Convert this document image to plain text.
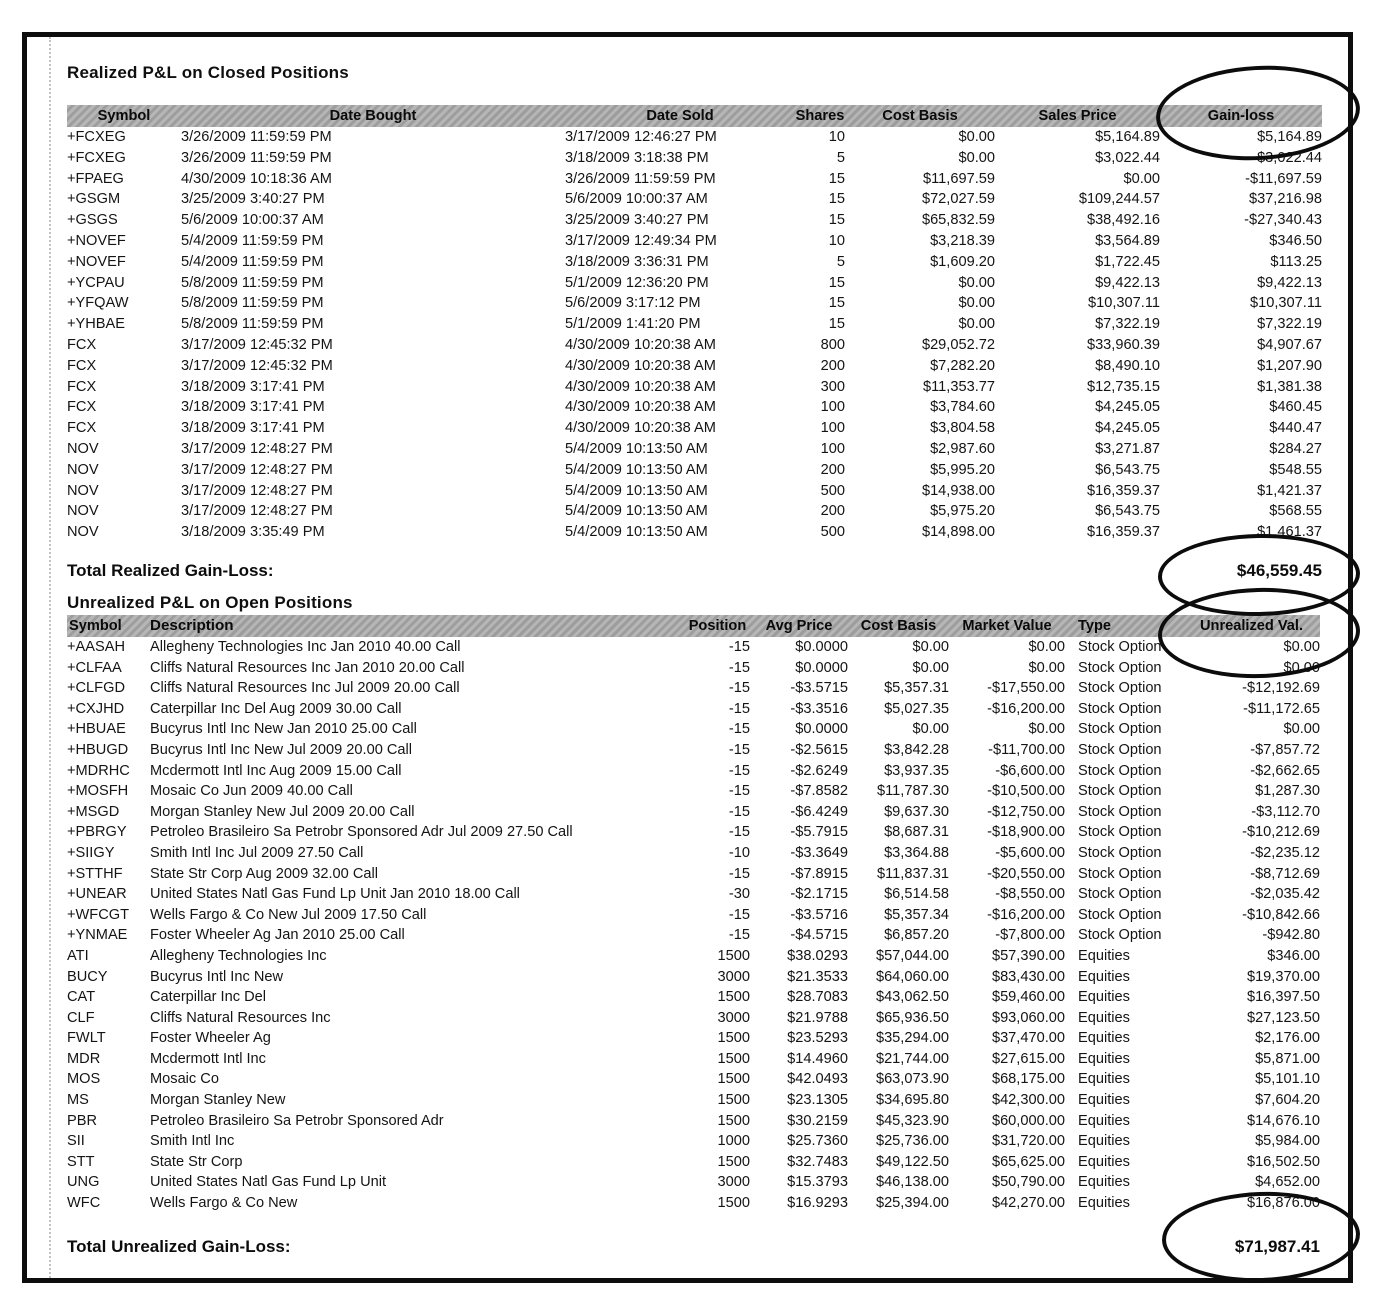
Realized P&L on Closed Positions
Symbol	Date Bought	Date Sold	Shares	Cost Basis	Sales Price	Gain-loss
+FCXEG	3/26/2009 11:59:59 PM	3/17/2009 12:46:27 PM	10	$0.00	$5,164.89	$5,164.89
+FCXEG	3/26/2009 11:59:59 PM	3/18/2009 3:18:38 PM	5	$0.00	$3,022.44	$3,022.44
+FPAEG	4/30/2009 10:18:36 AM	3/26/2009 11:59:59 PM	15	$11,697.59	$0.00	-$11,697.59
+GSGM	3/25/2009 3:40:27 PM	5/6/2009 10:00:37 AM	15	$72,027.59	$109,244.57	$37,216.98
+GSGS	5/6/2009 10:00:37 AM	3/25/2009 3:40:27 PM	15	$65,832.59	$38,492.16	-$27,340.43
+NOVEF	5/4/2009 11:59:59 PM	3/17/2009 12:49:34 PM	10	$3,218.39	$3,564.89	$346.50
+NOVEF	5/4/2009 11:59:59 PM	3/18/2009 3:36:31 PM	5	$1,609.20	$1,722.45	$113.25
+YCPAU	5/8/2009 11:59:59 PM	5/1/2009 12:36:20 PM	15	$0.00	$9,422.13	$9,422.13
+YFQAW	5/8/2009 11:59:59 PM	5/6/2009 3:17:12 PM	15	$0.00	$10,307.11	$10,307.11
+YHBAE	5/8/2009 11:59:59 PM	5/1/2009 1:41:20 PM	15	$0.00	$7,322.19	$7,322.19
FCX	3/17/2009 12:45:32 PM	4/30/2009 10:20:38 AM	800	$29,052.72	$33,960.39	$4,907.67
FCX	3/17/2009 12:45:32 PM	4/30/2009 10:20:38 AM	200	$7,282.20	$8,490.10	$1,207.90
FCX	3/18/2009 3:17:41 PM	4/30/2009 10:20:38 AM	300	$11,353.77	$12,735.15	$1,381.38
FCX	3/18/2009 3:17:41 PM	4/30/2009 10:20:38 AM	100	$3,784.60	$4,245.05	$460.45
FCX	3/18/2009 3:17:41 PM	4/30/2009 10:20:38 AM	100	$3,804.58	$4,245.05	$440.47
NOV	3/17/2009 12:48:27 PM	5/4/2009 10:13:50 AM	100	$2,987.60	$3,271.87	$284.27
NOV	3/17/2009 12:48:27 PM	5/4/2009 10:13:50 AM	200	$5,995.20	$6,543.75	$548.55
NOV	3/17/2009 12:48:27 PM	5/4/2009 10:13:50 AM	500	$14,938.00	$16,359.37	$1,421.37
NOV	3/17/2009 12:48:27 PM	5/4/2009 10:13:50 AM	200	$5,975.20	$6,543.75	$568.55
NOV	3/18/2009 3:35:49 PM	5/4/2009 10:13:50 AM	500	$14,898.00	$16,359.37	$1,461.37
Total Realized Gain-Loss:	$46,559.45
Unrealized P&L on Open Positions
Symbol	Description	Position	Avg Price	Cost Basis	Market Value	Type	Unrealized Val.
+AASAH	Allegheny Technologies Inc Jan 2010 40.00 Call	-15	$0.0000	$0.00	$0.00 Stock Option	$0.00
+CLFAA	Cliffs Natural Resources Inc Jan 2010 20.00 Call	-15	$0.0000	$0.00	$0.00 Stock Option	$0.00
+CLFGD	Cliffs Natural Resources Inc Jul 2009 20.00 Call	-15	-$3.5715	$5,357.31	-$17,550.00 Stock Option	-$12,192.69
+CXJHD	Caterpillar Inc Del Aug 2009 30.00 Call	-15	-$3.3516	$5,027.35	-$16,200.00 Stock Option	-$11,172.65
+HBUAE	Bucyrus Intl Inc New Jan 2010 25.00 Call	-15	$0.0000	$0.00	$0.00 Stock Option	$0.00
+HBUGD	Bucyrus Intl Inc New Jul 2009 20.00 Call	-15	-$2.5615	$3,842.28	-$11,700.00 Stock Option	-$7,857.72
+MDRHC	Mcdermott Intl Inc Aug 2009 15.00 Call	-15	-$2.6249	$3,937.35	-$6,600.00 Stock Option	-$2,662.65
+MOSFH	Mosaic Co Jun 2009 40.00 Call	-15	-$7.8582	$11,787.30	-$10,500.00 Stock Option	$1,287.30
+MSGD	Morgan Stanley New Jul 2009 20.00 Call	-15	-$6.4249	$9,637.30	-$12,750.00 Stock Option	-$3,112.70
+PBRGY	Petroleo Brasileiro Sa Petrobr Sponsored Adr Jul 2009 27.50 Call	-15	-$5.7915	$8,687.31	-$18,900.00 Stock Option	-$10,212.69
+SIIGY	Smith Intl Inc Jul 2009 27.50 Call	-10	-$3.3649	$3,364.88	-$5,600.00 Stock Option	-$2,235.12
+STTHF	State Str Corp Aug 2009 32.00 Call	-15	-$7.8915	$11,837.31	-$20,550.00 Stock Option	-$8,712.69
+UNEAR	United States Natl Gas Fund Lp Unit Jan 2010 18.00 Call	-30	-$2.1715	$6,514.58	-$8,550.00 Stock Option	-$2,035.42
+WFCGT	Wells Fargo & Co New Jul 2009 17.50 Call	-15	-$3.5716	$5,357.34	-$16,200.00 Stock Option	-$10,842.66
+YNMAE	Foster Wheeler Ag Jan 2010 25.00 Call	-15	-$4.5715	$6,857.20	-$7,800.00 Stock Option	-$942.80
ATI	Allegheny Technologies Inc	1500	$38.0293	$57,044.00	$57,390.00 Equities	$346.00
BUCY	Bucyrus Intl Inc New	3000	$21.3533	$64,060.00	$83,430.00 Equities	$19,370.00
CAT	Caterpillar Inc Del	1500	$28.7083	$43,062.50	$59,460.00 Equities	$16,397.50
CLF	Cliffs Natural Resources Inc	3000	$21.9788	$65,936.50	$93,060.00 Equities	$27,123.50
FWLT	Foster Wheeler Ag	1500	$23.5293	$35,294.00	$37,470.00 Equities	$2,176.00
MDR	Mcdermott Intl Inc	1500	$14.4960	$21,744.00	$27,615.00 Equities	$5,871.00
MOS	Mosaic Co	1500	$42.0493	$63,073.90	$68,175.00 Equities	$5,101.10
MS	Morgan Stanley New	1500	$23.1305	$34,695.80	$42,300.00 Equities	$7,604.20
PBR	Petroleo Brasileiro Sa Petrobr Sponsored Adr	1500	$30.2159	$45,323.90	$60,000.00 Equities	$14,676.10
SII	Smith Intl Inc	1000	$25.7360	$25,736.00	$31,720.00 Equities	$5,984.00
STT	State Str Corp	1500	$32.7483	$49,122.50	$65,625.00 Equities	$16,502.50
UNG	United States Natl Gas Fund Lp Unit	3000	$15.3793	$46,138.00	$50,790.00 Equities	$4,652.00
WFC	Wells Fargo & Co New	1500	$16.9293	$25,394.00	$42,270.00 Equities	$16,876.00
Total Unrealized Gain-Loss:	$71,987.41
